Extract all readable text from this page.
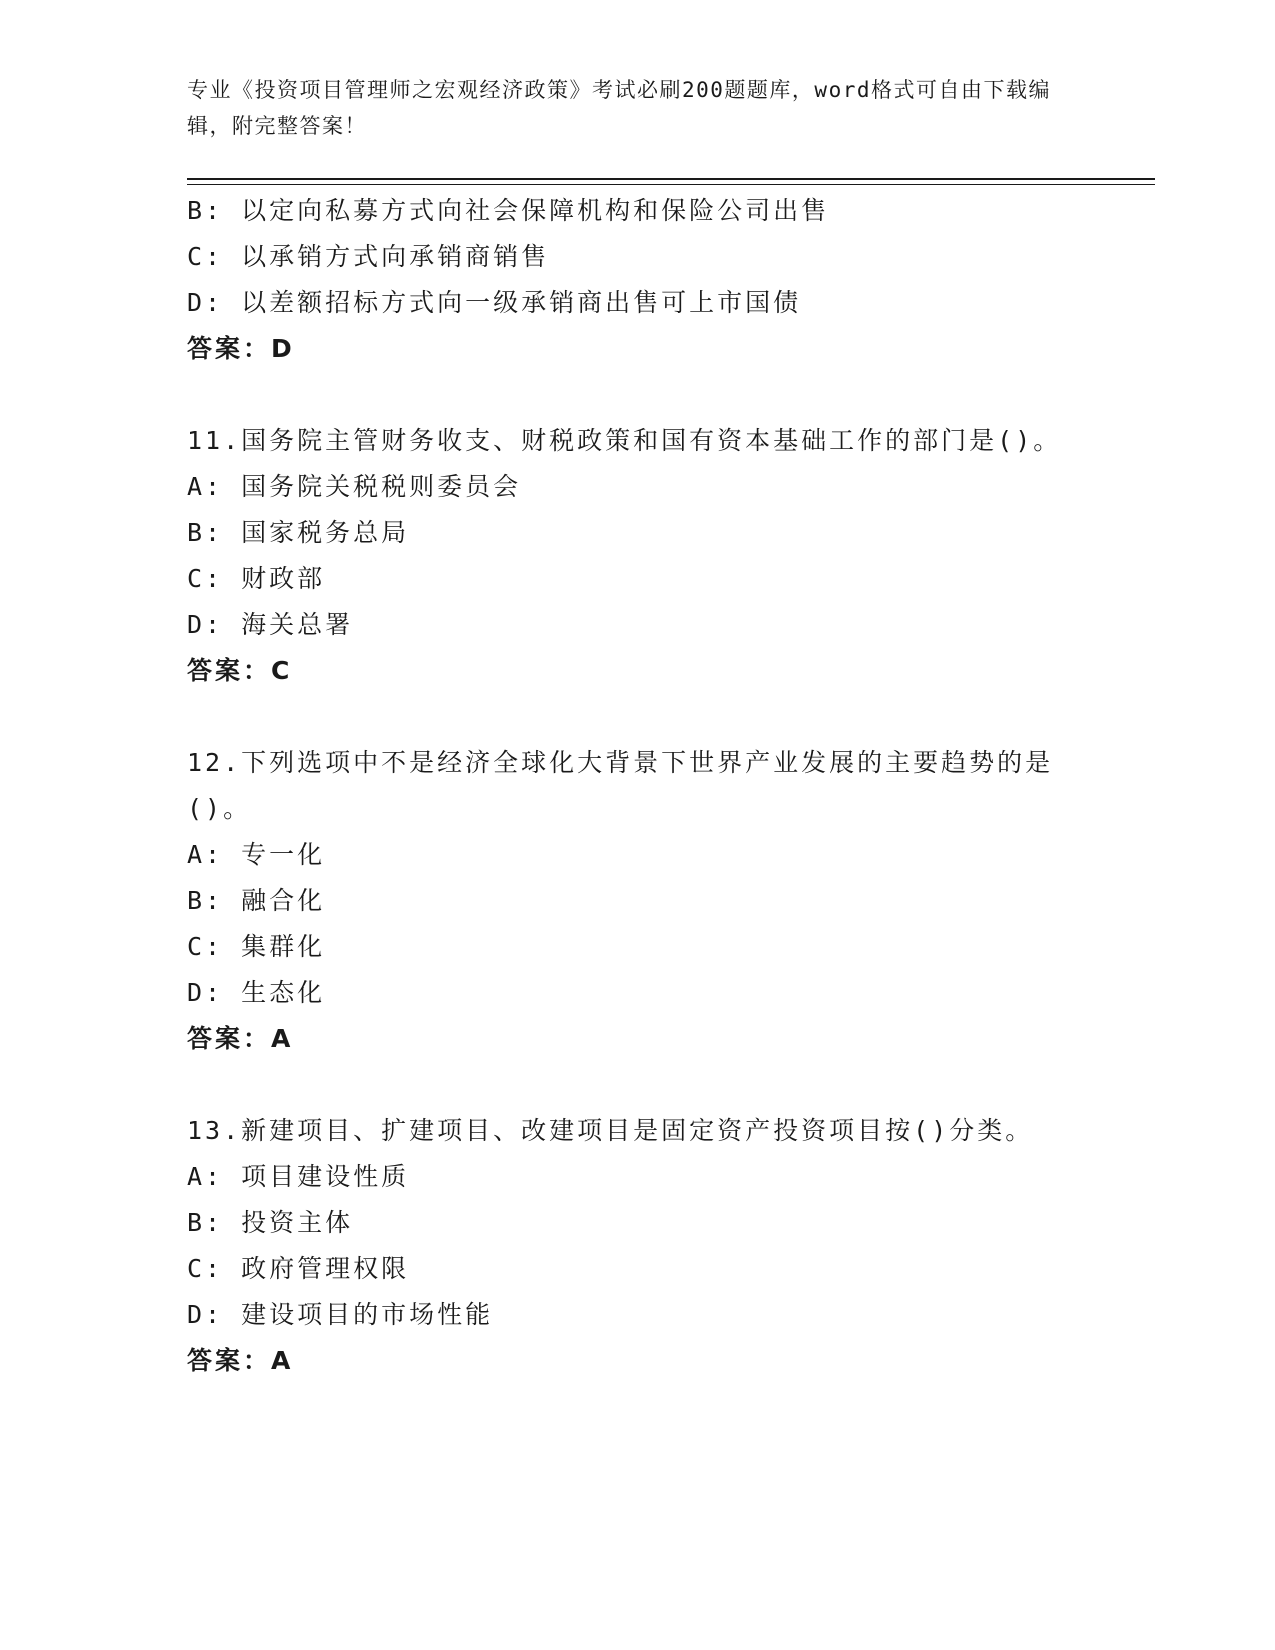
专业《投资项目管理师之宏观经济政策》考试必刷200题题库，word格式可自由下载编辑，附完整答案！
B: 以定向私募方式向社会保障机构和保险公司出售
C: 以承销方式向承销商销售
D: 以差额招标方式向一级承销商出售可上市国债
答案：D
11.国务院主管财务收支、财税政策和国有资本基础工作的部门是()。
A: 国务院关税税则委员会
B: 国家税务总局
C: 财政部
D: 海关总署
答案：C
12.下列选项中不是经济全球化大背景下世界产业发展的主要趋势的是()。
A: 专一化
B: 融合化
C: 集群化
D: 生态化
答案：A
13.新建项目、扩建项目、改建项目是固定资产投资项目按()分类。
A: 项目建设性质
B: 投资主体
C: 政府管理权限
D: 建设项目的市场性能
答案：A
